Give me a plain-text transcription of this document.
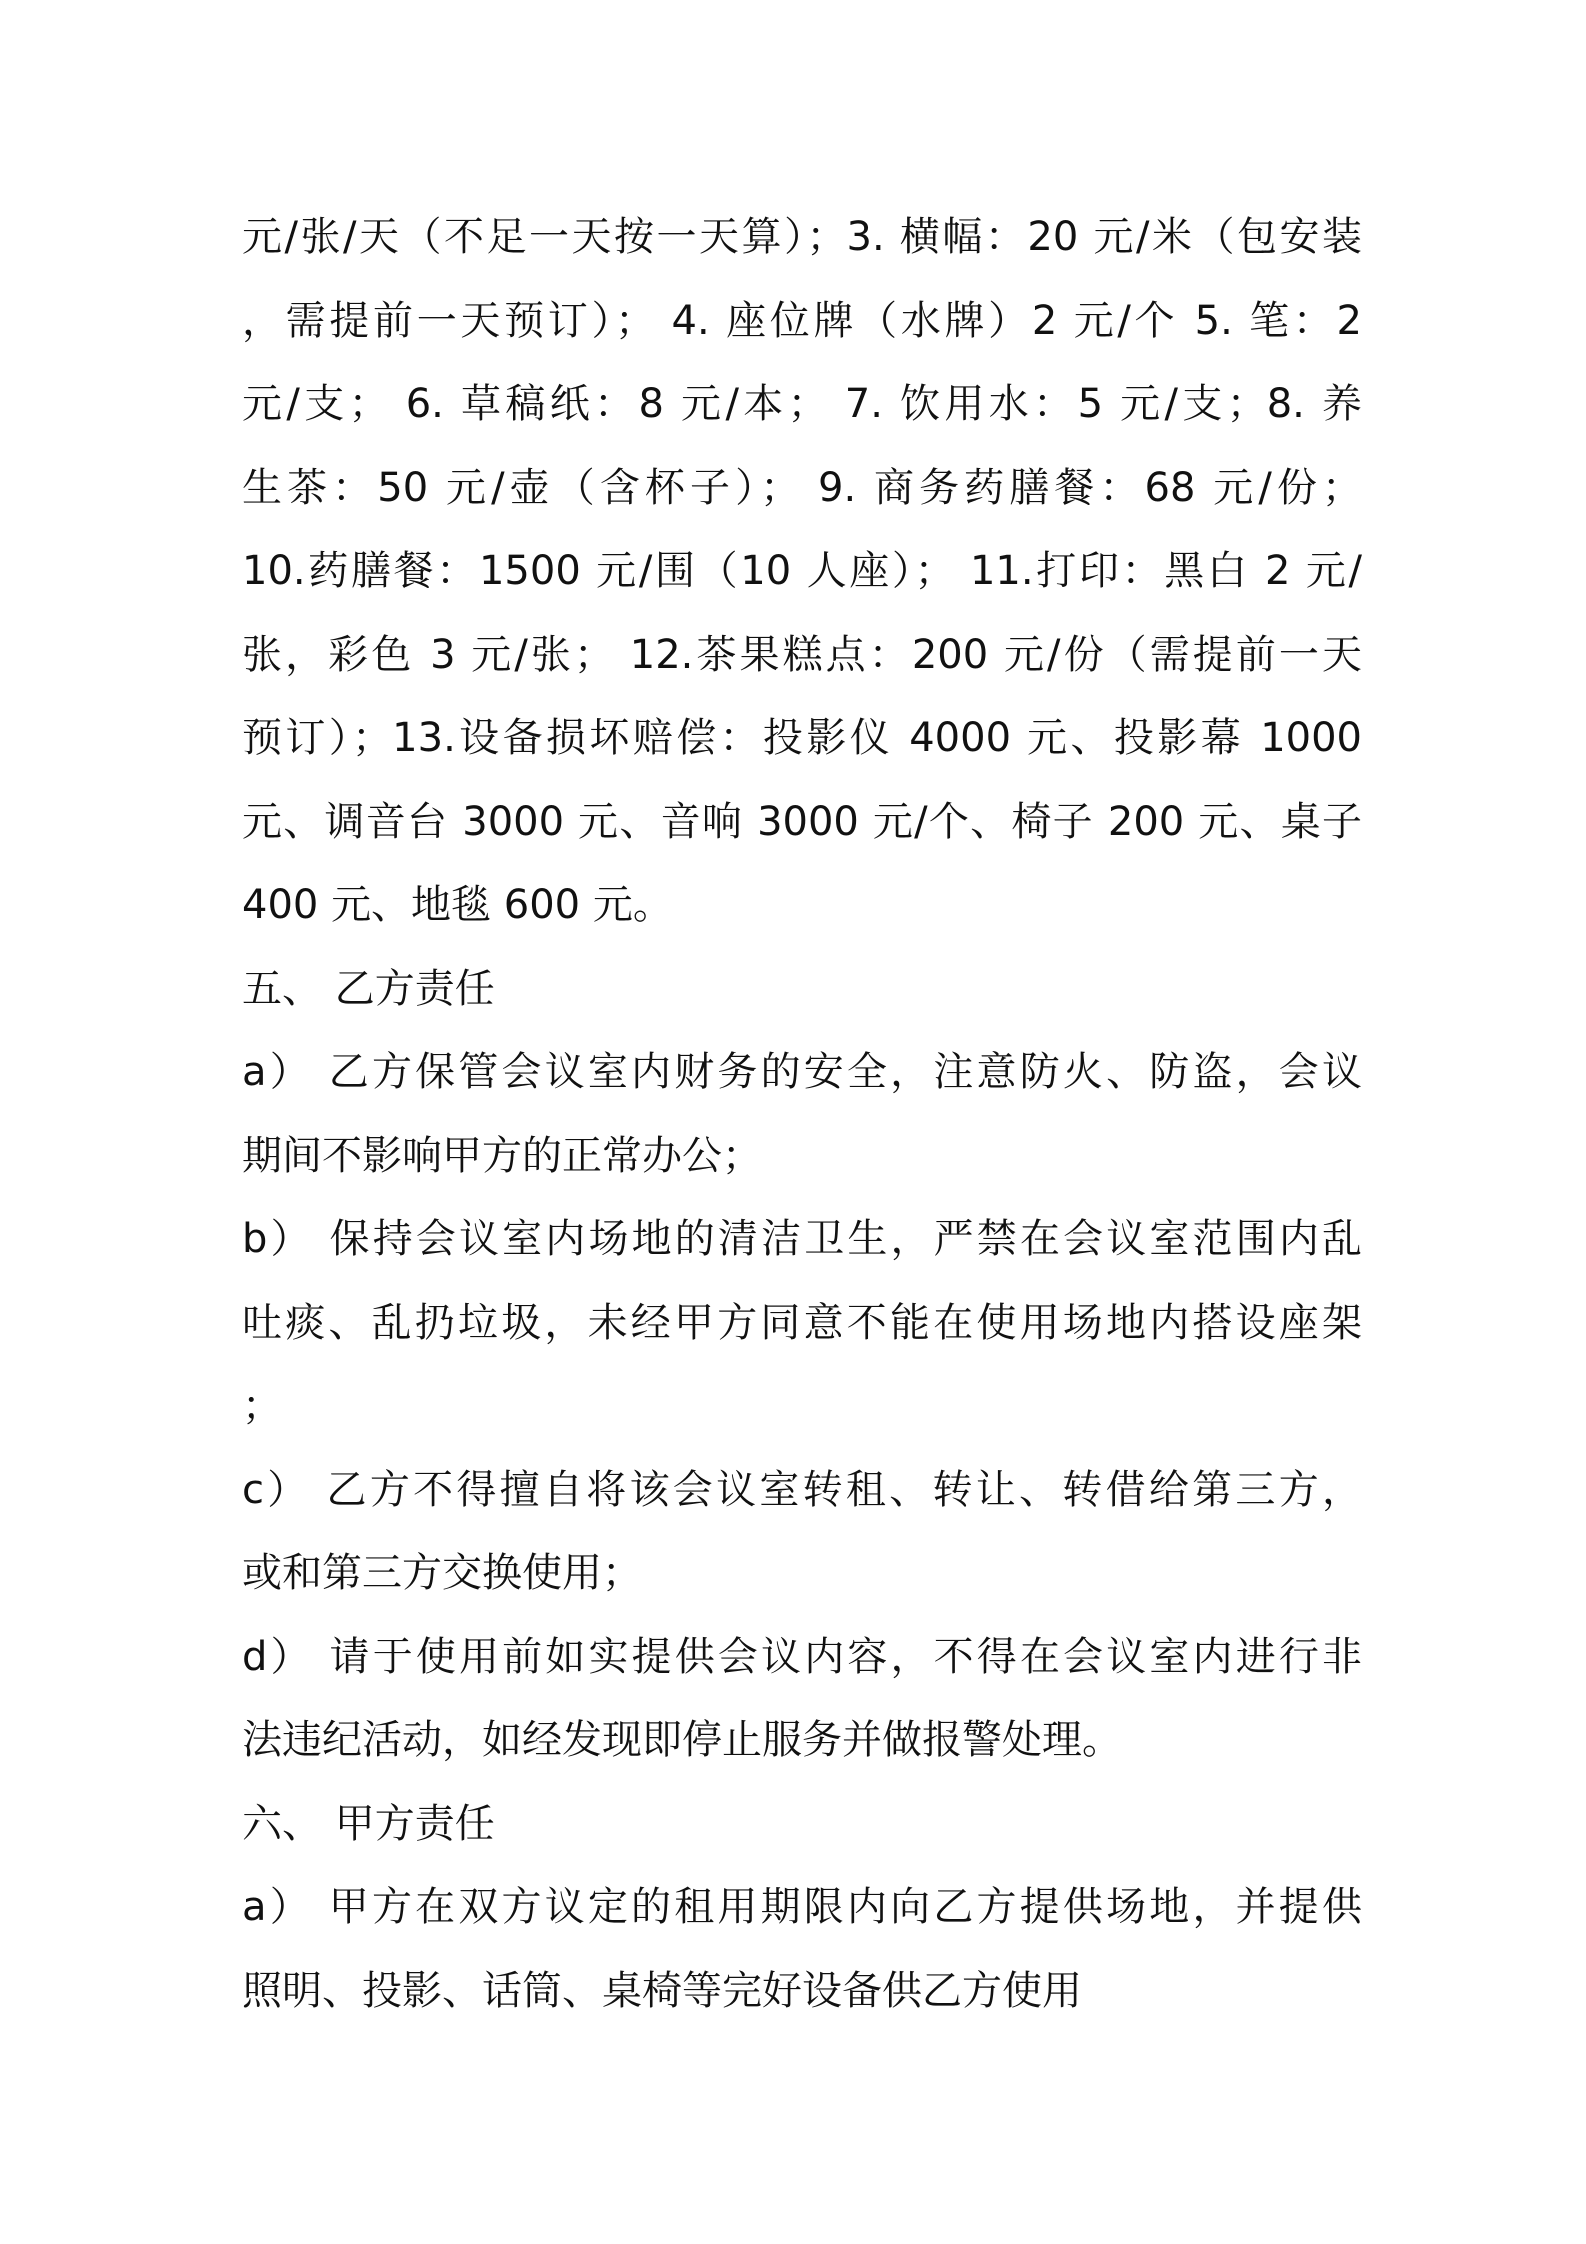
元/张/天（不足一天按一天算）；3. 横幅：20 元/米（包安装
，需提前一天预订）； 4. 座位牌（水牌）2 元/个 5. 笔：2
元/支； 6. 草稿纸：8 元/本； 7. 饮用水：5 元/支；8. 养
生茶：50 元/壶（含杯子）； 9. 商务药膳餐：68 元/份；
10.药膳餐：1500 元/围（10 人座）； 11.打印：黑白 2 元/
张，彩色 3 元/张； 12.茶果糕点：200 元/份（需提前一天
预订）；13.设备损坏赔偿：投影仪 4000 元、投影幕 1000
元、调音台 3000 元、音响 3000 元/个、椅子 200 元、桌子
400 元、地毯 600 元。
五、 乙方责任
a） 乙方保管会议室内财务的安全，注意防火、防盗，会议
期间不影响甲方的正常办公；
b） 保持会议室内场地的清洁卫生，严禁在会议室范围内乱
吐痰、乱扔垃圾，未经甲方同意不能在使用场地内搭设座架
；
c） 乙方不得擅自将该会议室转租、转让、转借给第三方，
或和第三方交换使用；
d） 请于使用前如实提供会议内容，不得在会议室内进行非
法违纪活动，如经发现即停止服务并做报警处理。
六、 甲方责任
a） 甲方在双方议定的租用期限内向乙方提供场地，并提供
照明、投影、话筒、桌椅等完好设备供乙方使用
